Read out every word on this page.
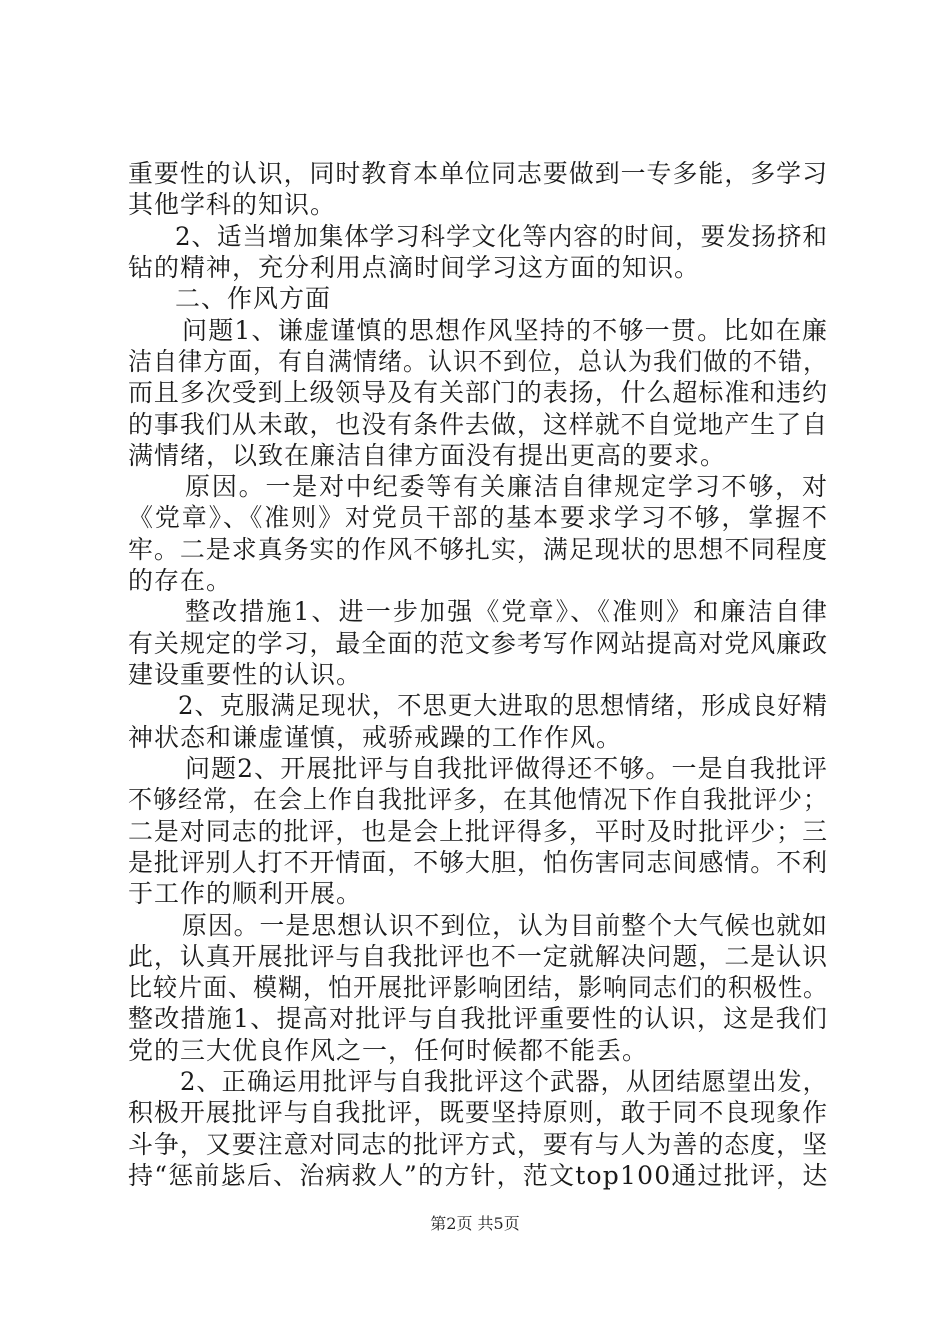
重要性的认识，同时教育本单位同志要做到一专多能，多学习
其他学科的知识。
2、适当增加集体学习科学文化等内容的时间，要发扬挤和
钻的精神，充分利用点滴时间学习这方面的知识。
二、作风方面
问题1、谦虚谨慎的思想作风坚持的不够一贯。比如在廉
洁自律方面，有自满情绪。认识不到位，总认为我们做的不错，
而且多次受到上级领导及有关部门的表扬，什么超标准和违约
的事我们从未敢，也没有条件去做，这样就不自觉地产生了自
满情绪，以致在廉洁自律方面没有提出更高的要求。
原因。一是对中纪委等有关廉洁自律规定学习不够，对
《党章》、《准则》对党员干部的基本要求学习不够，掌握不
牢。二是求真务实的作风不够扎实，满足现状的思想不同程度
的存在。
整改措施1、进一步加强《党章》、《准则》和廉洁自律
有关规定的学习，最全面的范文参考写作网站提高对党风廉政
建设重要性的认识。
2、克服满足现状，不思更大进取的思想情绪，形成良好精
神状态和谦虚谨慎，戒骄戒躁的工作作风。
问题2、开展批评与自我批评做得还不够。一是自我批评
不够经常，在会上作自我批评多，在其他情况下作自我批评少；
二是对同志的批评，也是会上批评得多，平时及时批评少；三
是批评别人打不开情面，不够大胆，怕伤害同志间感情。不利
于工作的顺利开展。
原因。一是思想认识不到位，认为目前整个大气候也就如
此，认真开展批评与自我批评也不一定就解决问题，二是认识
比较片面、模糊，怕开展批评影响团结，影响同志们的积极性。
整改措施1、提高对批评与自我批评重要性的认识，这是我们
党的三大优良作风之一，任何时候都不能丢。
2、正确运用批评与自我批评这个武器，从团结愿望出发，
积极开展批评与自我批评，既要坚持原则，敢于同不良现象作
斗争，又要注意对同志的批评方式，要有与人为善的态度，坚
持“惩前毖后、治病救人”的方针，范文top100通过批评，达
第2页 共5页
